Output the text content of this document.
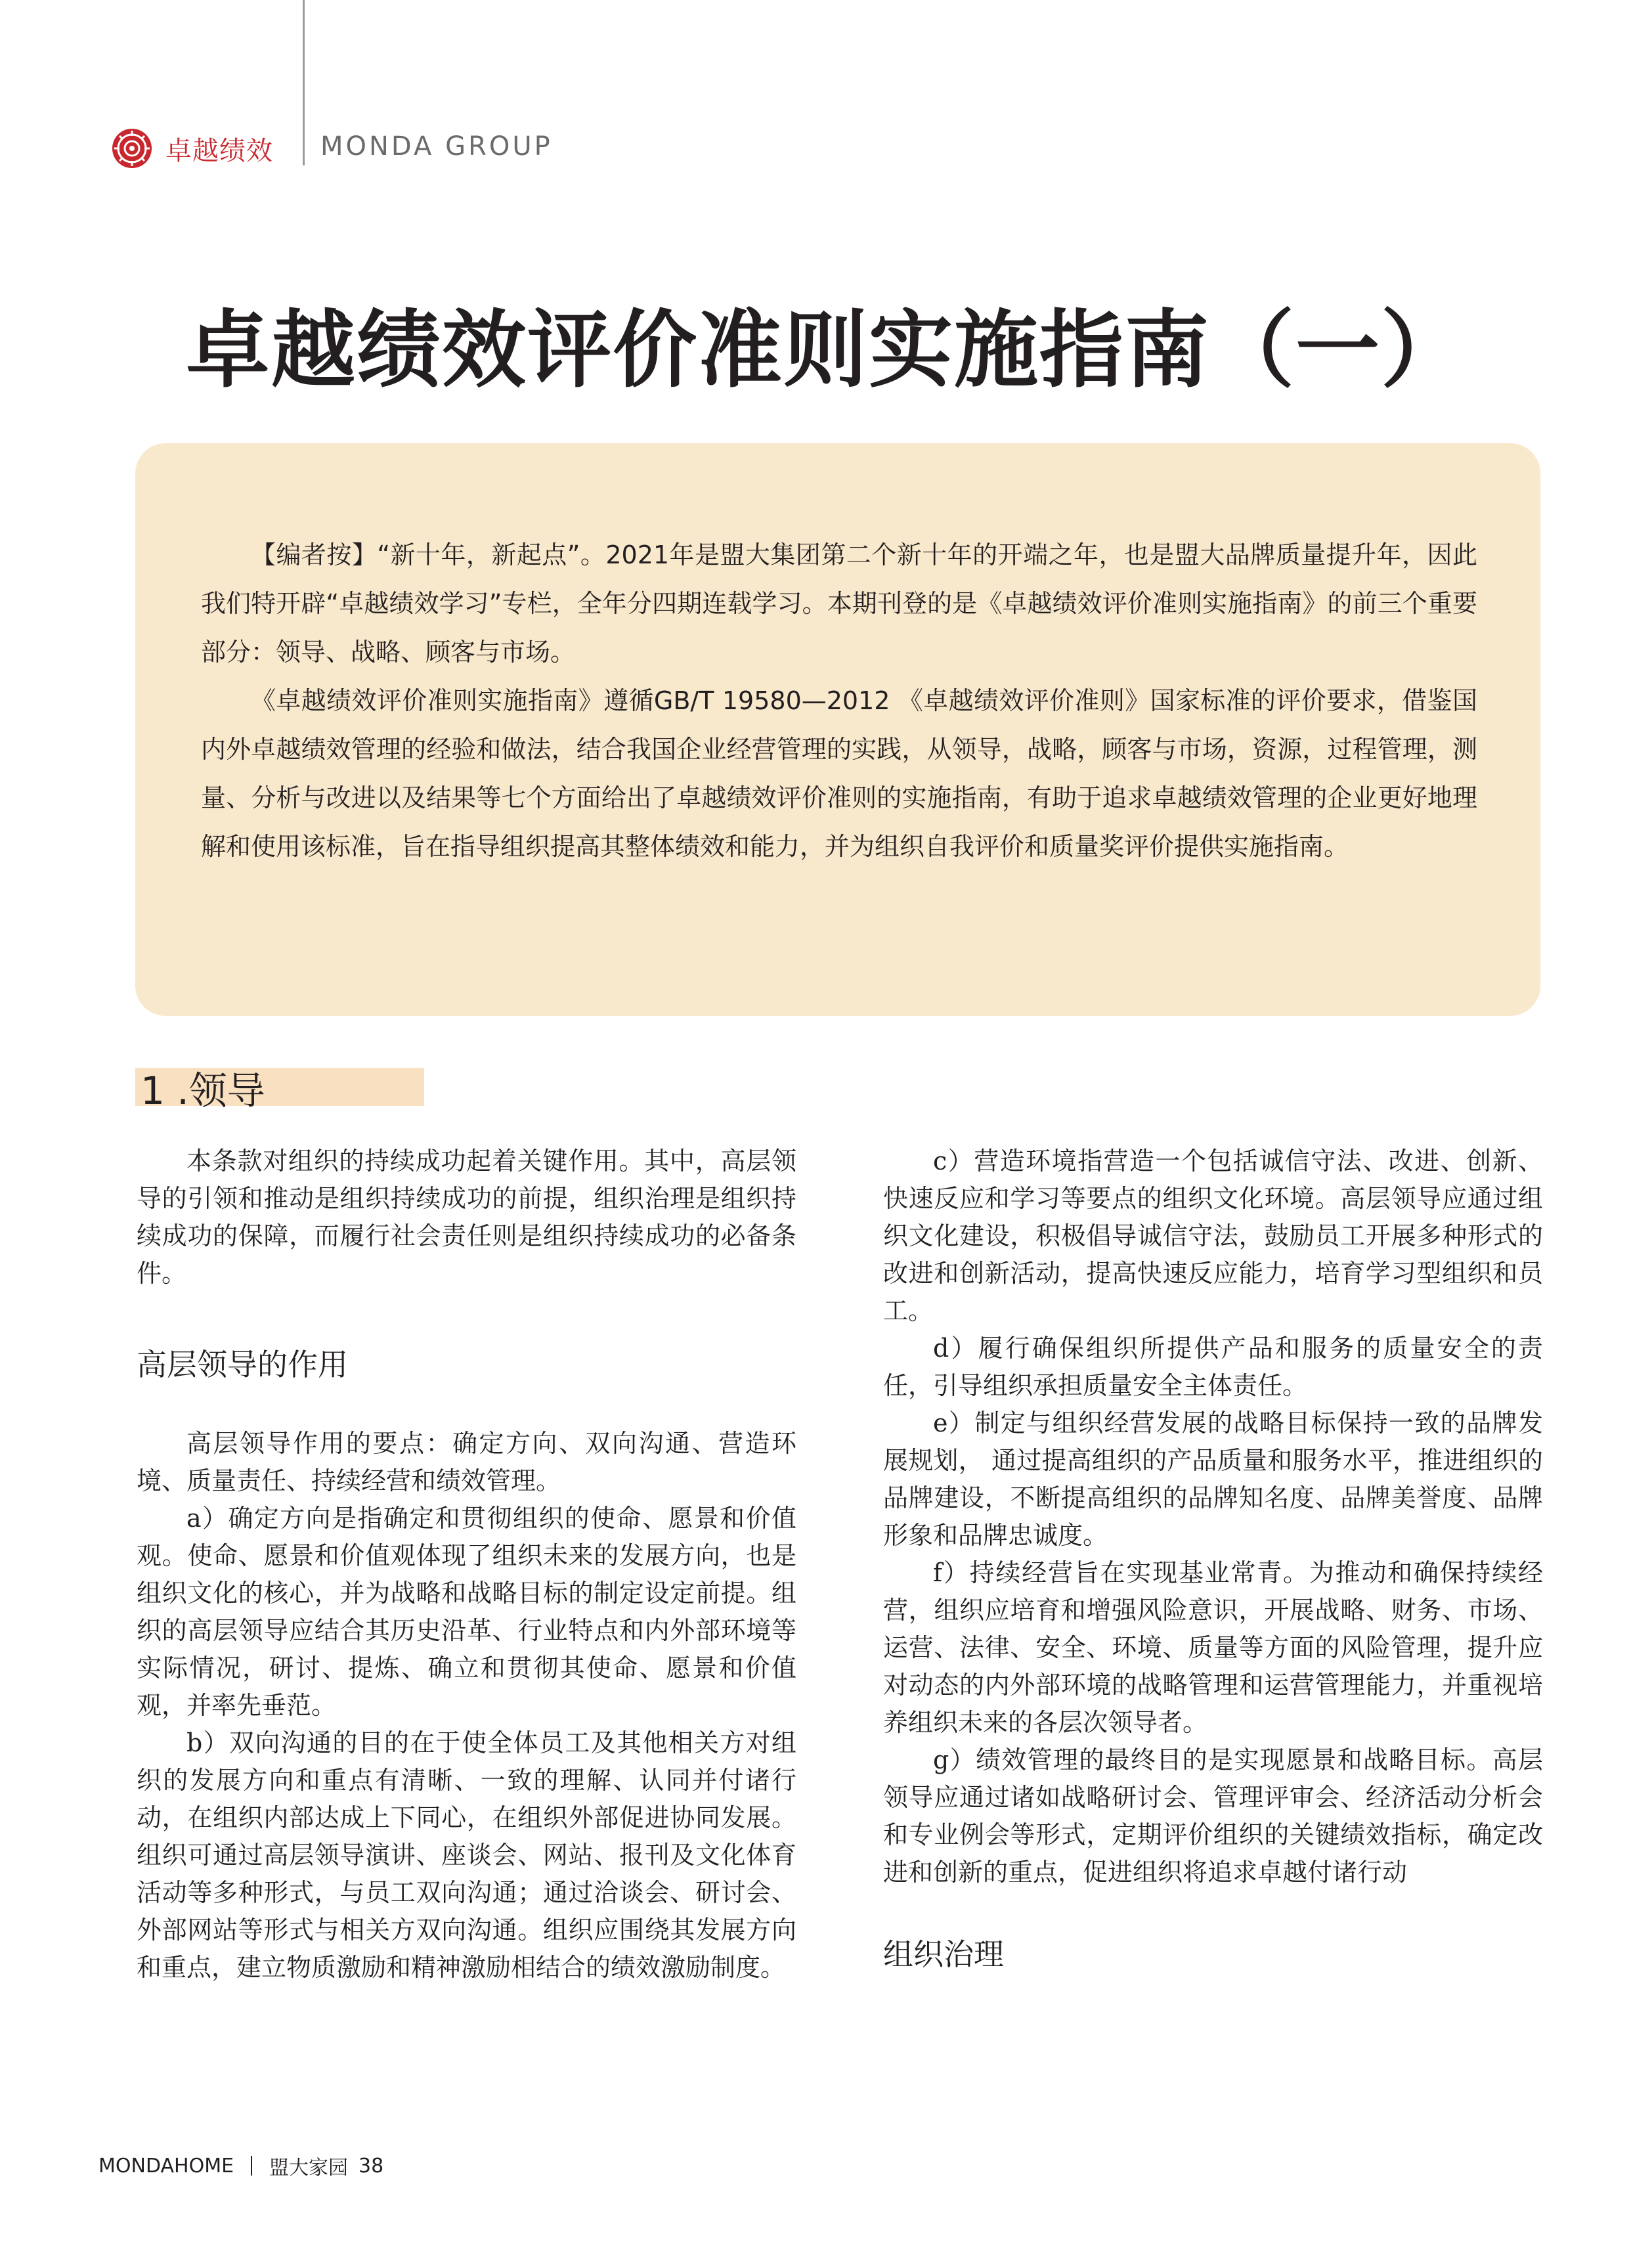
卓越绩效 MONDA GROUP
卓越绩效评价准则实施指南（一）

【编者按】“新十年，新起点”。2021年是盟大集团第二个新十年的开端之年，也是盟大品牌质量提升年，因此我们特开辟“卓越绩效学习”专栏，全年分四期连载学习。本期刊登的是《卓越绩效评价准则实施指南》的前三个重要部分：领导、战略、顾客与市场。

《卓越绩效评价准则实施指南》遵循GB/T 19580—2012 《卓越绩效评价准则》国家标准的评价要求，借鉴国内外卓越绩效管理的经验和做法，结合我国企业经营管理的实践，从领导，战略，顾客与市场，资源，过程管理，测量、分析与改进以及结果等七个方面给出了卓越绩效评价准则的实施指南，有助于追求卓越绩效管理的企业更好地理解和使用该标准，旨在指导组织提高其整体绩效和能力，并为组织自我评价和质量奖评价提供实施指南。

1 .领导

本条款对组织的持续成功起着关键作用。其中，高层领导的引领和推动是组织持续成功的前提，组织治理是组织持续成功的保障，而履行社会责任则是组织持续成功的必备条件。

高层领导的作用

高层领导作用的要点：确定方向、双向沟通、营造环境、质量责任、持续经营和绩效管理。

a）确定方向是指确定和贯彻组织的使命、愿景和价值观。使命、愿景和价值观体现了组织未来的发展方向，也是组织文化的核心，并为战略和战略目标的制定设定前提。组织的高层领导应结合其历史沿革、行业特点和内外部环境等实际情况，研讨、提炼、确立和贯彻其使命、愿景和价值观，并率先垂范。

b）双向沟通的目的在于使全体员工及其他相关方对组织的发展方向和重点有清晰、一致的理解、认同并付诸行动，在组织内部达成上下同心，在组织外部促进协同发展。组织可通过高层领导演讲、座谈会、网站、报刊及文化体育活动等多种形式，与员工双向沟通；通过洽谈会、研讨会、外部网站等形式与相关方双向沟通。组织应围绕其发展方向和重点，建立物质激励和精神激励相结合的绩效激励制度。

c）营造环境指营造一个包括诚信守法、改进、创新、快速反应和学习等要点的组织文化环境。高层领导应通过组织文化建设，积极倡导诚信守法，鼓励员工开展多种形式的改进和创新活动，提高快速反应能力，培育学习型组织和员工。

d）履行确保组织所提供产品和服务的质量安全的责任，引导组织承担质量安全主体责任。

e）制定与组织经营发展的战略目标保持一致的品牌发展规划， 通过提高组织的产品质量和服务水平，推进组织的品牌建设，不断提高组织的品牌知名度、品牌美誉度、品牌形象和品牌忠诚度。

f）持续经营旨在实现基业常青。为推动和确保持续经营，组织应培育和增强风险意识，开展战略、财务、市场、运营、法律、安全、环境、质量等方面的风险管理，提升应对动态的内外部环境的战略管理和运营管理能力，并重视培养组织未来的各层次领导者。

g）绩效管理的最终目的是实现愿景和战略目标。高层领导应通过诸如战略研讨会、管理评审会、经济活动分析会和专业例会等形式，定期评价组织的关键绩效指标，确定改进和创新的重点，促进组织将追求卓越付诸行动

组织治理
MONDAHOME 盟大家园 38
